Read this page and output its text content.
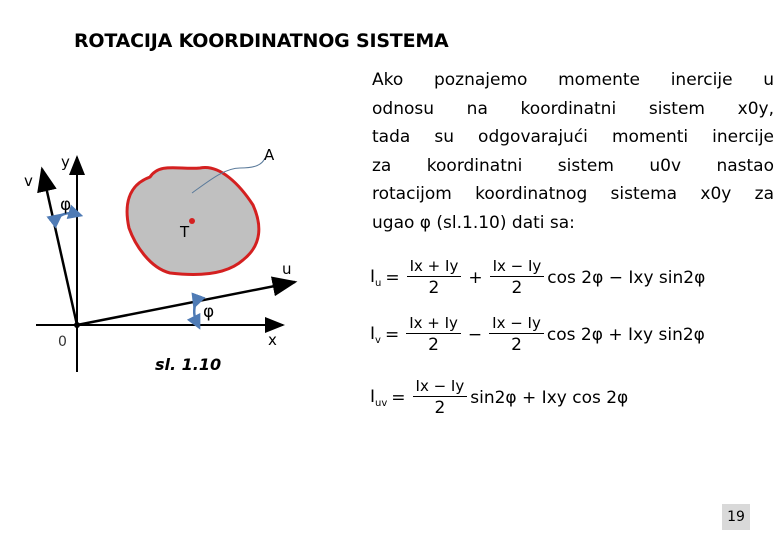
ROTACIJA KOORDINATNOG SISTEMA
Ako poznajemo momente inercije u
odnosu na koordinatni sistem x0y,
tada su odgovarajući momenti inercije
za koordinatni sistem u0v nastao
rotacijom koordinatnog sistema x0y za
ugao φ (sl.1.10) dati sa:
y
v
u
x
0
A
T
φ
φ
sl. 1.10
$I_u = \frac{Ix + Iy}{2} + \frac{Ix - Iy}{2}$ cos 2φ − Ixy sin2φ
$I_v = \frac{Ix + Iy}{2} - \frac{Ix - Iy}{2}$ cos 2φ + Ixy sin2φ
$I_{uv} = \frac{Ix - Iy}{2} \sin 2\varphi$ + Ixy cos 2φ
19
